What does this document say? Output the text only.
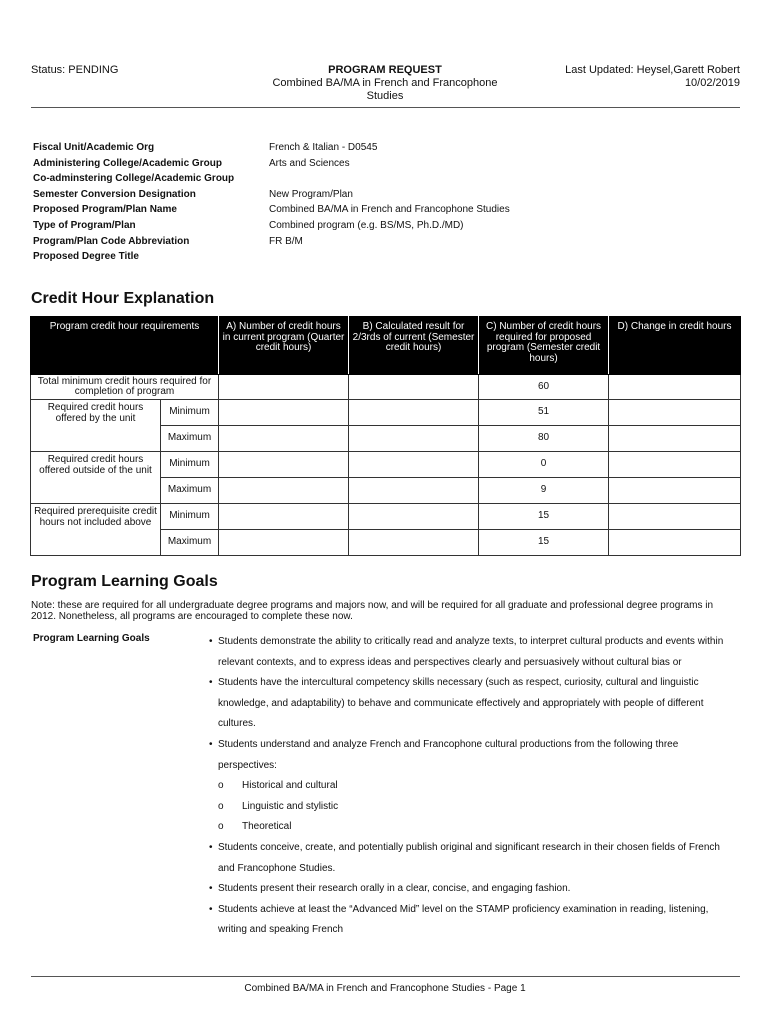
Status: PENDING	PROGRAM REQUEST
Combined BA/MA in French and Francophone
Studies
Last Updated: Heysel,Garett Robert
10/02/2019
Fiscal Unit/Academic Org	French & Italian - D0545
Administering College/Academic Group	Arts and Sciences
Co-adminstering College/Academic Group
Semester Conversion Designation	New Program/Plan
Proposed Program/Plan Name	Combined BA/MA in French and Francophone Studies
Type of Program/Plan	Combined program (e.g. BS/MS, Ph.D./MD)
Program/Plan Code Abbreviation	FR B/M
Proposed Degree Title
Credit Hour Explanation
Program credit hour requirements		A) Number of credit hours in current program (Quarter credit hours)	B) Calculated result for 2/3rds of current (Semester credit hours)	C) Number of credit hours required for proposed program (Semester credit hours)	D) Change in credit hours
Total minimum credit hours required for completion of program				60	
Required credit hours offered by the unit	Minimum			51	
	Maximum			80	
Required credit hours offered outside of the unit	Minimum			0	
	Maximum			9	
Required prerequisite credit hours not included above	Minimum			15	
	Maximum			15	
Program Learning Goals
Note: these are required for all undergraduate degree programs and majors now, and will be required for all graduate and professional degree programs in 2012. Nonetheless, all programs are encouraged to complete these now.
Program Learning Goals	• Students demonstrate the ability to critically read and analyze texts, to interpret cultural products and events within
relevant contexts, and to express ideas and perspectives clearly and persuasively without cultural bias or
• Students have the intercultural competency skills necessary (such as respect, curiosity, cultural and linguistic
knowledge, and adaptability) to behave and communicate effectively and appropriately with people of different
cultures.
• Students understand and analyze French and Francophone cultural productions from the following three
perspectives:
o Historical and cultural
o Linguistic and stylistic
o Theoretical
• Students conceive, create, and potentially publish original and significant research in their chosen fields of French
and Francophone Studies.
• Students present their research orally in a clear, concise, and engaging fashion.
• Students achieve at least the “Advanced Mid” level on the STAMP proficiency examination in reading, listening,
writing and speaking French
Combined BA/MA in French and Francophone Studies - Page 1
